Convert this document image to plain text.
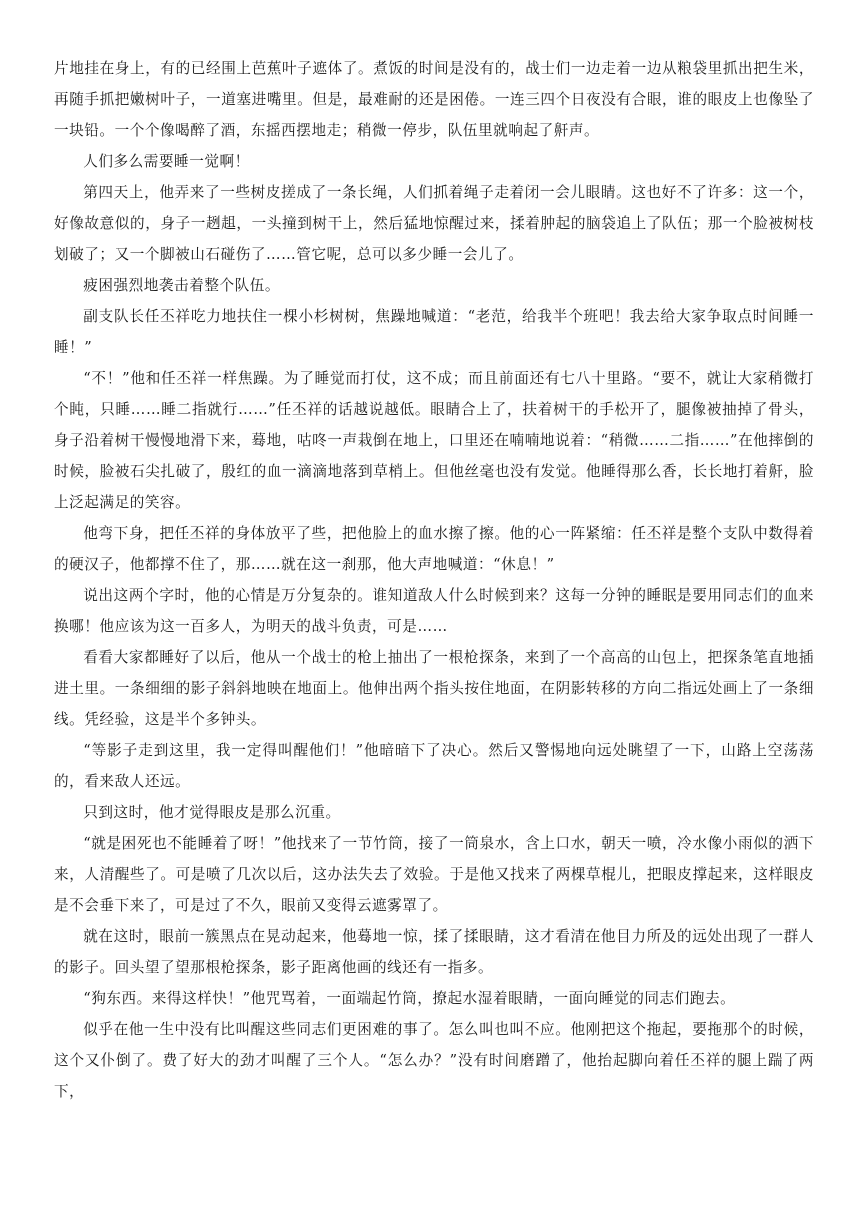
片地挂在身上，有的已经围上芭蕉叶子遮体了。煮饭的时间是没有的，战士们一边走着一边从粮袋里抓出把生米，再随手抓把嫩树叶子，一道塞进嘴里。但是，最难耐的还是困倦。一连三四个日夜没有合眼，谁的眼皮上也像坠了一块铅。一个个像喝醉了酒，东摇西摆地走；稍微一停步，队伍里就响起了鼾声。

人们多么需要睡一觉啊！

第四天上，他弄来了一些树皮搓成了一条长绳，人们抓着绳子走着闭一会儿眼睛。这也好不了许多：这一个，好像故意似的，身子一趔趄，一头撞到树干上，然后猛地惊醒过来，揉着肿起的脑袋追上了队伍；那一个脸被树枝划破了；又一个脚被山石碰伤了……管它呢，总可以多少睡一会儿了。

疲困强烈地袭击着整个队伍。

副支队长任丕祥吃力地扶住一棵小杉树树，焦躁地喊道：“老范，给我半个班吧！我去给大家争取点时间睡一睡！”

“不！”他和任丕祥一样焦躁。为了睡觉而打仗，这不成；而且前面还有七八十里路。“要不，就让大家稍微打个盹，只睡……睡二指就行……”任丕祥的话越说越低。眼睛合上了，扶着树干的手松开了，腿像被抽掉了骨头，身子沿着树干慢慢地滑下来，蓦地，咕咚一声栽倒在地上，口里还在喃喃地说着：“稍微……二指……”在他摔倒的时候，脸被石尖扎破了，殷红的血一滴滴地落到草梢上。但他丝毫也没有发觉。他睡得那么香，长长地打着鼾，脸上泛起满足的笑容。

他弯下身，把任丕祥的身体放平了些，把他脸上的血水擦了擦。他的心一阵紧缩：任丕祥是整个支队中数得着的硬汉子，他都撑不住了，那……就在这一刹那，他大声地喊道：“休息！”

说出这两个字时，他的心情是万分复杂的。谁知道敌人什么时候到来？这每一分钟的睡眠是要用同志们的血来换哪！他应该为这一百多人，为明天的战斗负责，可是……

看看大家都睡好了以后，他从一个战士的枪上抽出了一根枪探条，来到了一个高高的山包上，把探条笔直地插进土里。一条细细的影子斜斜地映在地面上。他伸出两个指头按住地面，在阴影转移的方向二指远处画上了一条细线。凭经验，这是半个多钟头。

“等影子走到这里，我一定得叫醒他们！”他暗暗下了决心。然后又警惕地向远处眺望了一下，山路上空荡荡的，看来敌人还远。

只到这时，他才觉得眼皮是那么沉重。

“就是困死也不能睡着了呀！”他找来了一节竹筒，接了一筒泉水，含上口水，朝天一喷，冷水像小雨似的洒下来，人清醒些了。可是喷了几次以后，这办法失去了效验。于是他又找来了两棵草棍儿，把眼皮撑起来，这样眼皮是不会垂下来了，可是过了不久，眼前又变得云遮雾罩了。

就在这时，眼前一簇黑点在晃动起来，他蓦地一惊，揉了揉眼睛，这才看清在他目力所及的远处出现了一群人的影子。回头望了望那根枪探条，影子距离他画的线还有一指多。

“狗东西。来得这样快！”他咒骂着，一面端起竹筒，撩起水湿着眼睛，一面向睡觉的同志们跑去。

似乎在他一生中没有比叫醒这些同志们更困难的事了。怎么叫也叫不应。他刚把这个拖起，要拖那个的时候，这个又仆倒了。费了好大的劲才叫醒了三个人。“怎么办？”没有时间磨蹭了，他抬起脚向着任丕祥的腿上踹了两下，
